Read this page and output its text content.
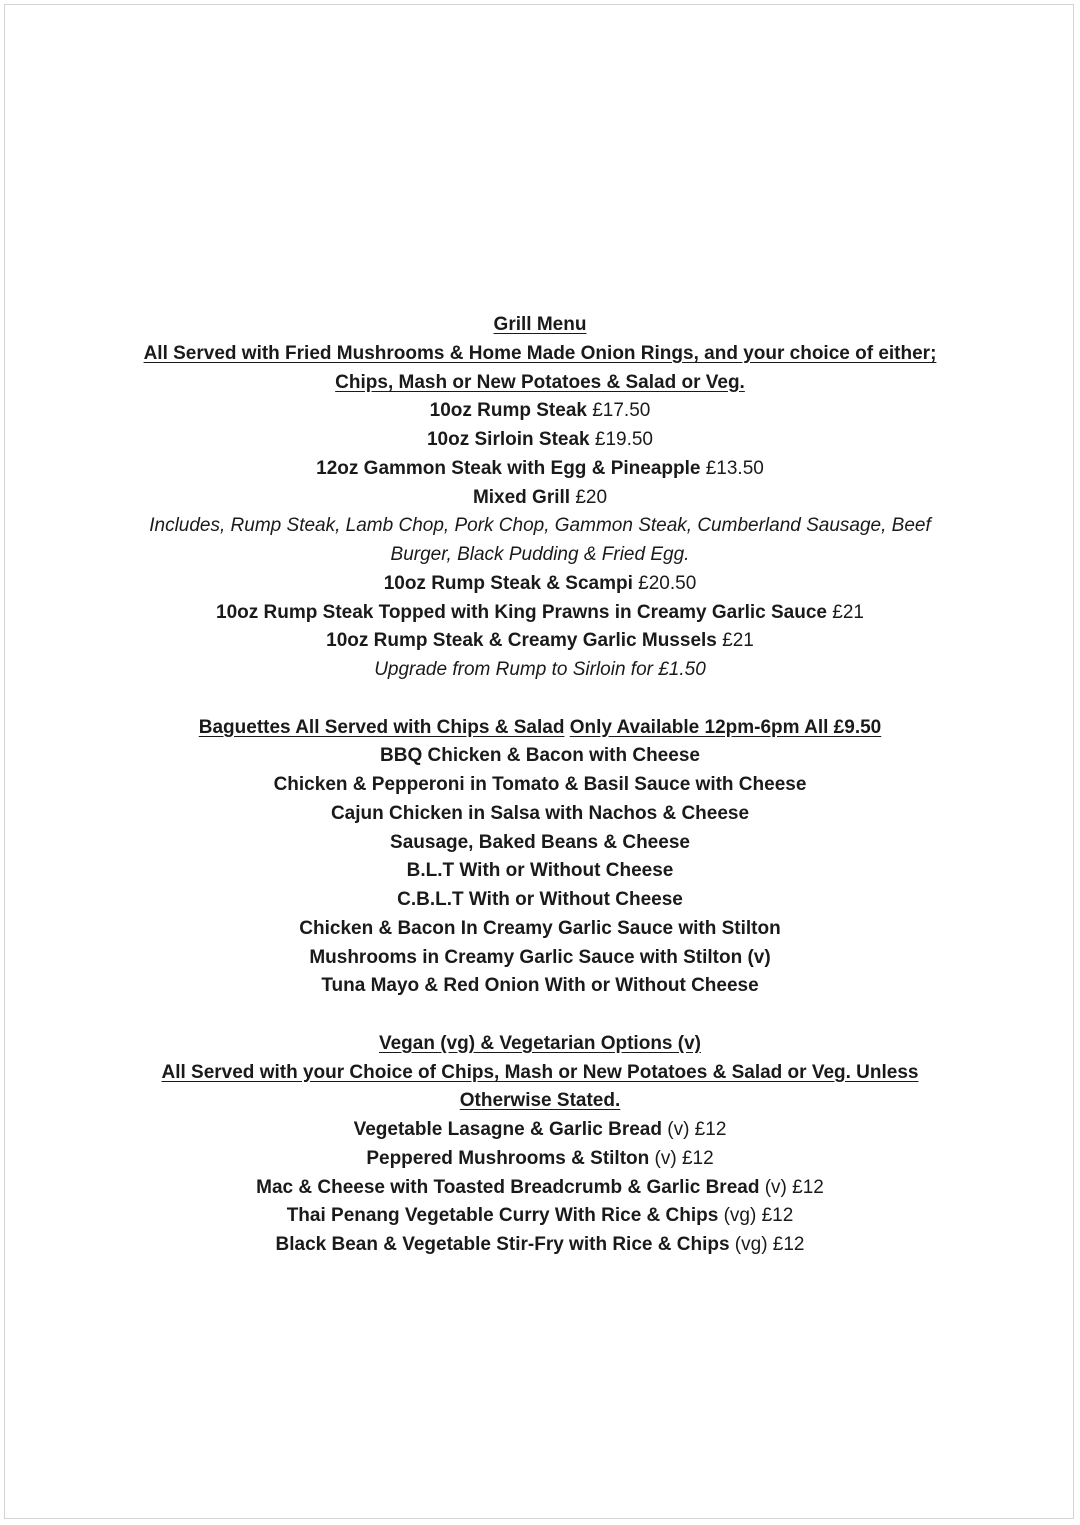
Grill Menu
All Served with Fried Mushrooms & Home Made Onion Rings, and your choice of either;
Chips, Mash or New Potatoes & Salad or Veg.
10oz Rump Steak £17.50
10oz Sirloin Steak £19.50
12oz Gammon Steak with Egg & Pineapple £13.50
Mixed Grill £20
Includes, Rump Steak, Lamb Chop, Pork Chop, Gammon Steak, Cumberland Sausage, Beef
Burger, Black Pudding & Fried Egg.
10oz Rump Steak & Scampi £20.50
10oz Rump Steak Topped with King Prawns in Creamy Garlic Sauce £21
10oz Rump Steak & Creamy Garlic Mussels £21
Upgrade from Rump to Sirloin for £1.50
Baguettes All Served with Chips & Salad Only Available 12pm-6pm All £9.50
BBQ Chicken & Bacon with Cheese
Chicken & Pepperoni in Tomato & Basil Sauce with Cheese
Cajun Chicken in Salsa with Nachos & Cheese
Sausage, Baked Beans & Cheese
B.L.T With or Without Cheese
C.B.L.T With or Without Cheese
Chicken & Bacon In Creamy Garlic Sauce with Stilton
Mushrooms in Creamy Garlic Sauce with Stilton (v)
Tuna Mayo & Red Onion With or Without Cheese
Vegan (vg) & Vegetarian Options (v)
All Served with your Choice of Chips, Mash or New Potatoes & Salad or Veg. Unless
Otherwise Stated.
Vegetable Lasagne & Garlic Bread (v) £12
Peppered Mushrooms & Stilton (v) £12
Mac & Cheese with Toasted Breadcrumb & Garlic Bread (v) £12
Thai Penang Vegetable Curry With Rice & Chips (vg) £12
Black Bean & Vegetable Stir-Fry with Rice & Chips (vg) £12
